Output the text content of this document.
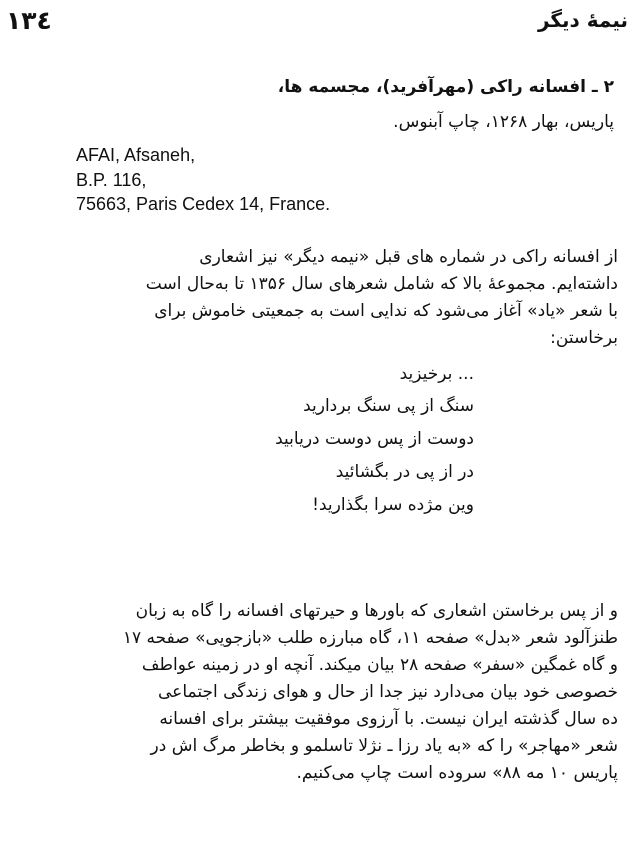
۱۳٤	نیمهٔ دیگر
۲ ـ افسانه راکی (مهرآفرید)، مجسمه ها،
پاریس، بهار ۱۲۶۸، چاپ آبنوس.
AFAI, Afsaneh,
B.P. 116,
75663, Paris Cedex 14, France.

از افسانه راکی در شماره های قبل «نیمه دیگر» نیز اشعاری

داشته‌ایم. مجموعهٔ بالا که شامل شعرهای سال ۱۳۵۶ تا به‌حال است

با شعر «یاد» آغاز می‌شود که ندایی است به جمعیتی خاموش برای

برخاستن:

... برخیزید
سنگ از پی سنگ بردارید
دوست از پس دوست دریابید
در از پی در بگشائید
وین مژده سرا بگذارید!

و از پس برخاستن اشعاری که باورها و حیرتهای افسانه را گاه به زبان

طنزآلود شعر «بدل» صفحه ۱۱، گاه مبارزه طلب «بازجویی» صفحه ۱۷

و گاه غمگین «سفر» صفحه ۲۸ بیان میکند. آنچه او در زمینه عواطف

خصوصی خود بیان می‌دارد نیز جدا از حال و هوای زندگی اجتماعی

ده سال گذشته ایران نیست. با آرزوی موفقیت بیشتر برای افسانه

شعر «مهاجر» را که «به یاد رزا ـ نژلا تاسلمو و بخاطر مرگ اش در

پاریس ۱۰ مه ۸۸» سروده است چاپ می‌کنیم.
